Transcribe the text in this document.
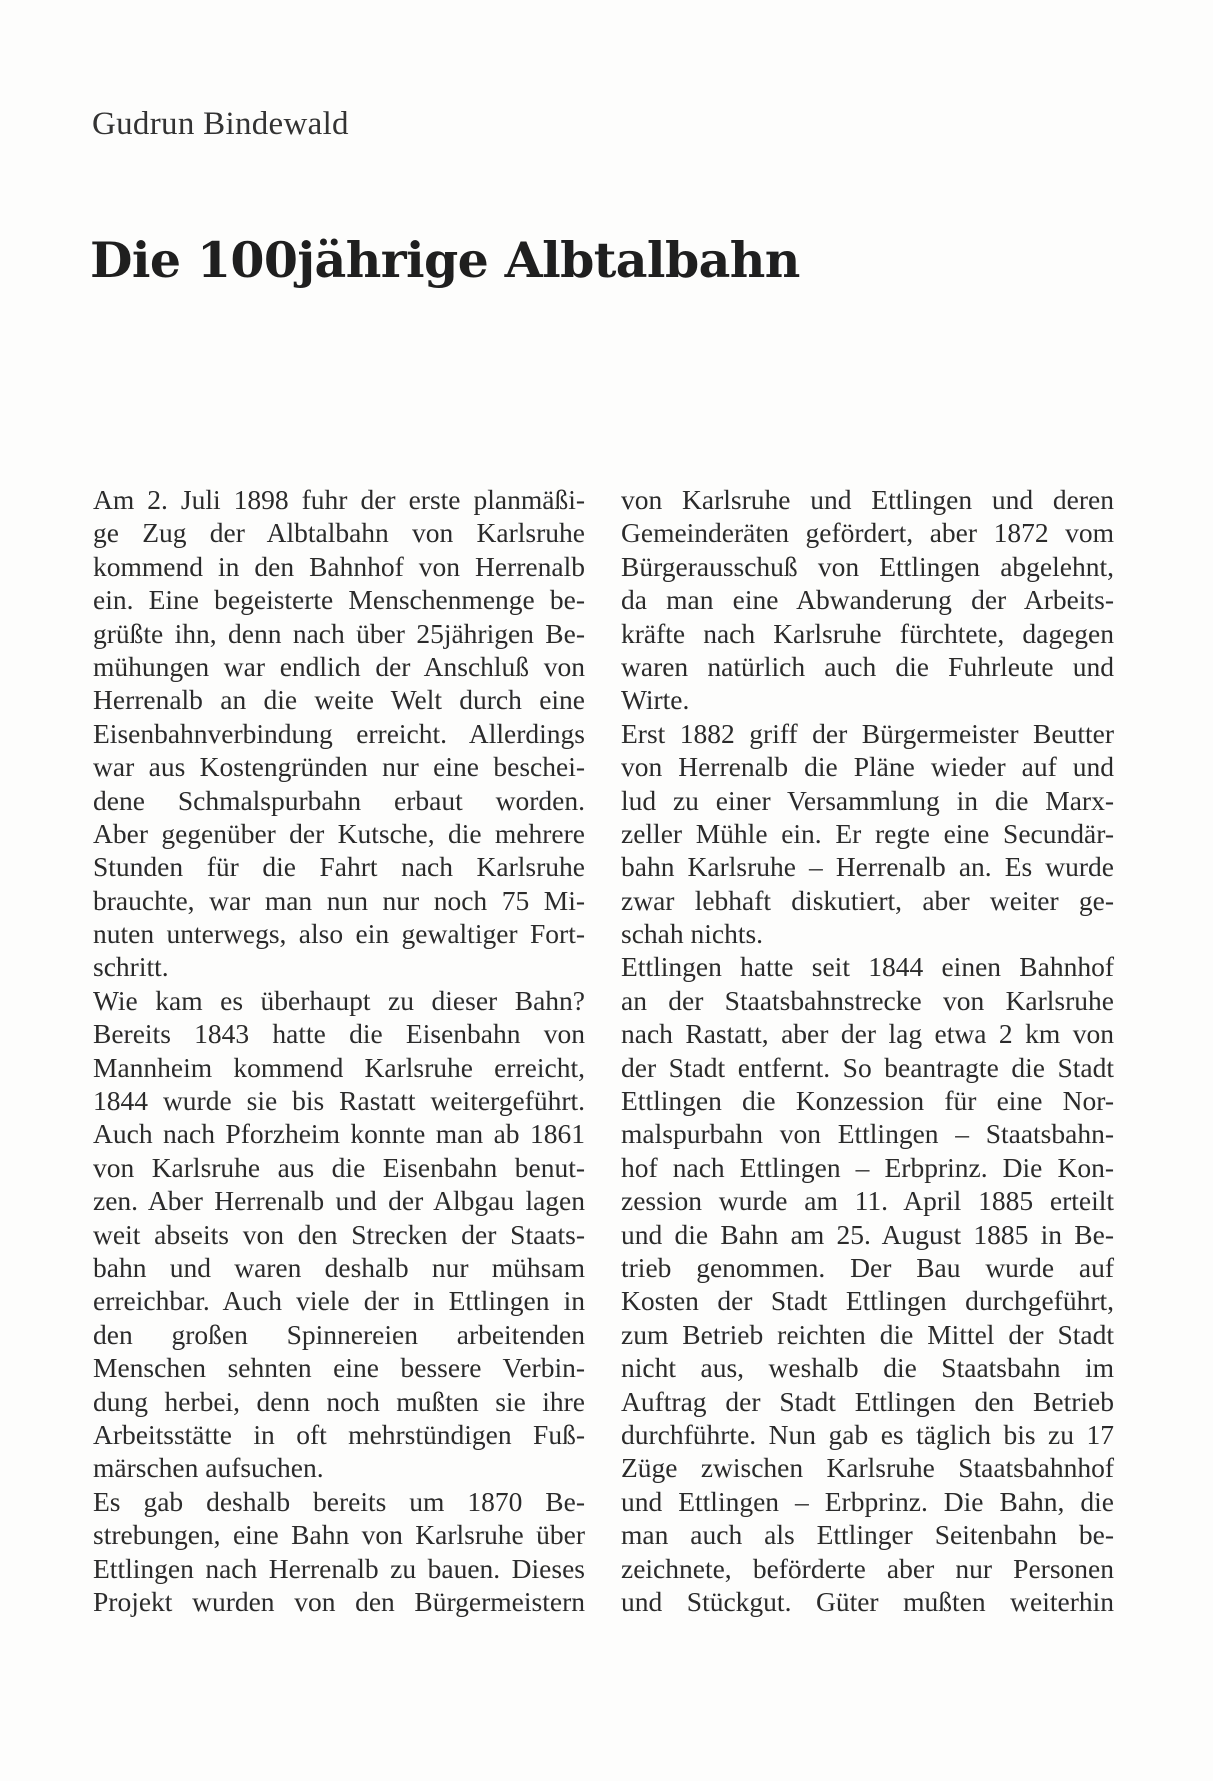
Gudrun Bindewald
Die 100jährige Albtalbahn
Am 2. Juli 1898 fuhr der erste planmäßi-
ge Zug der Albtalbahn von Karlsruhe
kommend in den Bahnhof von Herrenalb
ein. Eine begeisterte Menschenmenge be-
grüßte ihn, denn nach über 25jährigen Be-
mühungen war endlich der Anschluß von
Herrenalb an die weite Welt durch eine
Eisenbahnverbindung erreicht. Allerdings
war aus Kostengründen nur eine beschei-
dene Schmalspurbahn erbaut worden.
Aber gegenüber der Kutsche, die mehrere
Stunden für die Fahrt nach Karlsruhe
brauchte, war man nun nur noch 75 Mi-
nuten unterwegs, also ein gewaltiger Fort-
schritt.
Wie kam es überhaupt zu dieser Bahn?
Bereits 1843 hatte die Eisenbahn von
Mannheim kommend Karlsruhe erreicht,
1844 wurde sie bis Rastatt weitergeführt.
Auch nach Pforzheim konnte man ab 1861
von Karlsruhe aus die Eisenbahn benut-
zen. Aber Herrenalb und der Albgau lagen
weit abseits von den Strecken der Staats-
bahn und waren deshalb nur mühsam
erreichbar. Auch viele der in Ettlingen in
den großen Spinnereien arbeitenden
Menschen sehnten eine bessere Verbin-
dung herbei, denn noch mußten sie ihre
Arbeitsstätte in oft mehrstündigen Fuß-
märschen aufsuchen.
Es gab deshalb bereits um 1870 Be-
strebungen, eine Bahn von Karlsruhe über
Ettlingen nach Herrenalb zu bauen. Dieses
Projekt wurden von den Bürgermeistern
von Karlsruhe und Ettlingen und deren
Gemeinderäten gefördert, aber 1872 vom
Bürgerausschuß von Ettlingen abgelehnt,
da man eine Abwanderung der Arbeits-
kräfte nach Karlsruhe fürchtete, dagegen
waren natürlich auch die Fuhrleute und
Wirte.
Erst 1882 griff der Bürgermeister Beutter
von Herrenalb die Pläne wieder auf und
lud zu einer Versammlung in die Marx-
zeller Mühle ein. Er regte eine Secundär-
bahn Karlsruhe – Herrenalb an. Es wurde
zwar lebhaft diskutiert, aber weiter ge-
schah nichts.
Ettlingen hatte seit 1844 einen Bahnhof
an der Staatsbahnstrecke von Karlsruhe
nach Rastatt, aber der lag etwa 2 km von
der Stadt entfernt. So beantragte die Stadt
Ettlingen die Konzession für eine Nor-
malspurbahn von Ettlingen – Staatsbahn-
hof nach Ettlingen – Erbprinz. Die Kon-
zession wurde am 11. April 1885 erteilt
und die Bahn am 25. August 1885 in Be-
trieb genommen. Der Bau wurde auf
Kosten der Stadt Ettlingen durchgeführt,
zum Betrieb reichten die Mittel der Stadt
nicht aus, weshalb die Staatsbahn im
Auftrag der Stadt Ettlingen den Betrieb
durchführte. Nun gab es täglich bis zu 17
Züge zwischen Karlsruhe Staatsbahnhof
und Ettlingen – Erbprinz. Die Bahn, die
man auch als Ettlinger Seitenbahn be-
zeichnete, beförderte aber nur Personen
und Stückgut. Güter mußten weiterhin
